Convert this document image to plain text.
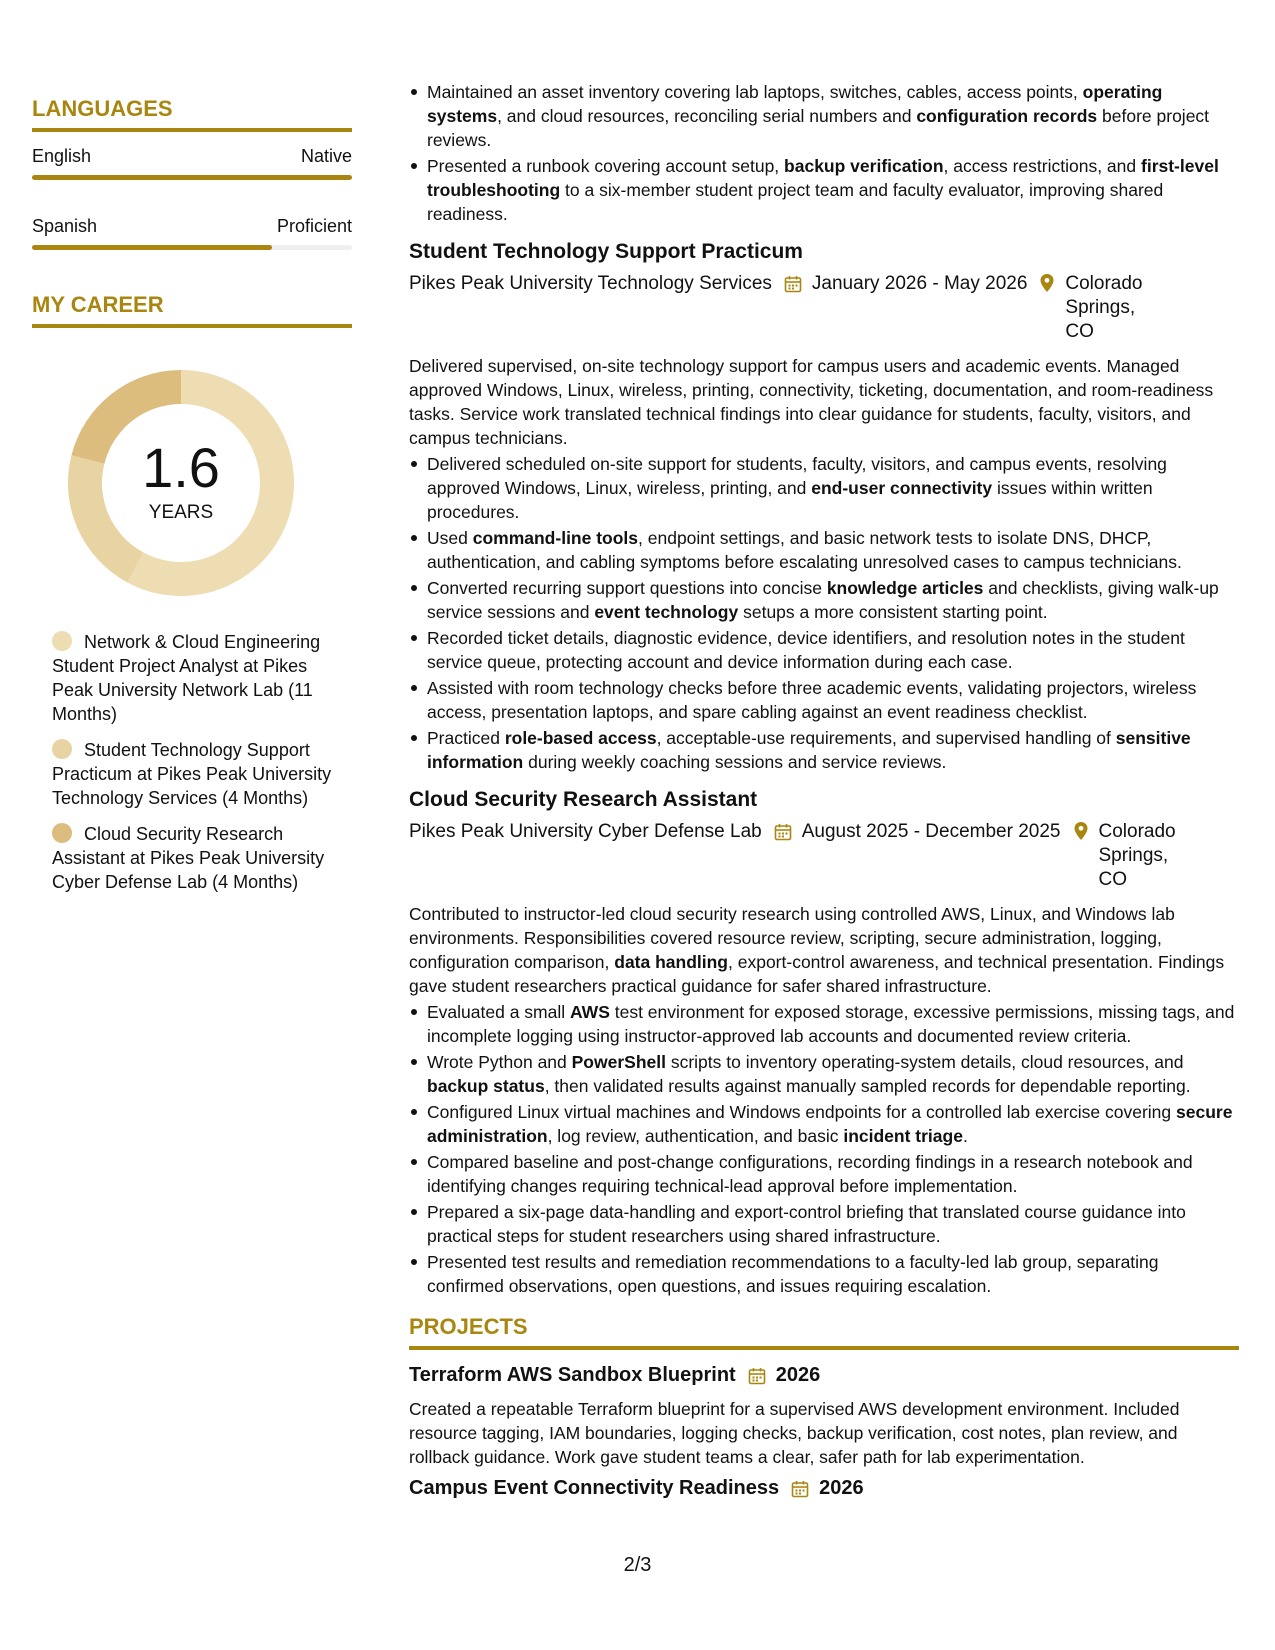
LANGUAGES
English	Native
Spanish	Proficient
MY CAREER
1.6
YEARS
Network & Cloud Engineering Student Project Analyst at Pikes Peak University Network Lab (11 Months)
Student Technology Support Practicum at Pikes Peak University Technology Services (4 Months)
Cloud Security Research Assistant at Pikes Peak University Cyber Defense Lab (4 Months)
Maintained an asset inventory covering lab laptops, switches, cables, access points, operating systems, and cloud resources, reconciling serial numbers and configuration records before project reviews.
Presented a runbook covering account setup, backup verification, access restrictions, and first-level troubleshooting to a six-member student project team and faculty evaluator, improving shared readiness.
Student Technology Support Practicum
Pikes Peak University Technology Services January 2026 - May 2026 Colorado Springs, CO
Delivered supervised, on-site technology support for campus users and academic events. Managed approved Windows, Linux, wireless, printing, connectivity, ticketing, documentation, and room-readiness tasks. Service work translated technical findings into clear guidance for students, faculty, visitors, and campus technicians.
Delivered scheduled on-site support for students, faculty, visitors, and campus events, resolving approved Windows, Linux, wireless, printing, and end-user connectivity issues within written procedures.
Used command-line tools, endpoint settings, and basic network tests to isolate DNS, DHCP, authentication, and cabling symptoms before escalating unresolved cases to campus technicians.
Converted recurring support questions into concise knowledge articles and checklists, giving walk-up service sessions and event technology setups a more consistent starting point.
Recorded ticket details, diagnostic evidence, device identifiers, and resolution notes in the student service queue, protecting account and device information during each case.
Assisted with room technology checks before three academic events, validating projectors, wireless access, presentation laptops, and spare cabling against an event readiness checklist.
Practiced role-based access, acceptable-use requirements, and supervised handling of sensitive information during weekly coaching sessions and service reviews.
Cloud Security Research Assistant
Pikes Peak University Cyber Defense Lab August 2025 - December 2025 Colorado Springs, CO
Contributed to instructor-led cloud security research using controlled AWS, Linux, and Windows lab environments. Responsibilities covered resource review, scripting, secure administration, logging, configuration comparison, data handling, export-control awareness, and technical presentation. Findings gave student researchers practical guidance for safer shared infrastructure.
Evaluated a small AWS test environment for exposed storage, excessive permissions, missing tags, and incomplete logging using instructor-approved lab accounts and documented review criteria.
Wrote Python and PowerShell scripts to inventory operating-system details, cloud resources, and backup status, then validated results against manually sampled records for dependable reporting.
Configured Linux virtual machines and Windows endpoints for a controlled lab exercise covering secure administration, log review, authentication, and basic incident triage.
Compared baseline and post-change configurations, recording findings in a research notebook and identifying changes requiring technical-lead approval before implementation.
Prepared a six-page data-handling and export-control briefing that translated course guidance into practical steps for student researchers using shared infrastructure.
Presented test results and remediation recommendations to a faculty-led lab group, separating confirmed observations, open questions, and issues requiring escalation.
PROJECTS
Terraform AWS Sandbox Blueprint 2026
Created a repeatable Terraform blueprint for a supervised AWS development environment. Included resource tagging, IAM boundaries, logging checks, backup verification, cost notes, plan review, and rollback guidance. Work gave student teams a clear, safer path for lab experimentation.
Campus Event Connectivity Readiness 2026
2/3
